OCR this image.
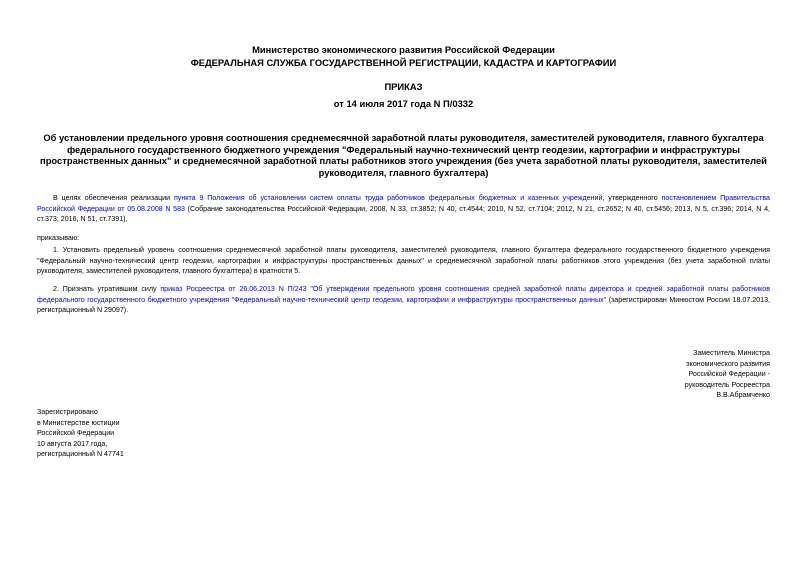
Министерство экономического развития Российской Федерации
ФЕДЕРАЛЬНАЯ СЛУЖБА ГОСУДАРСТВЕННОЙ РЕГИСТРАЦИИ, КАДАСТРА И КАРТОГРАФИИ
ПРИКАЗ
от 14 июля 2017 года N П/0332
Об установлении предельного уровня соотношения среднемесячной заработной платы руководителя, заместителей руководителя, главного бухгалтера федерального государственного бюджетного учреждения "Федеральный научно-технический центр геодезии, картографии и инфраструктуры пространственных данных" и среднемесячной заработной платы работников этого учреждения (без учета заработной платы руководителя, заместителей руководителя, главного бухгалтера)
В целях обеспечения реализации пункта 9 Положения об установлении систем оплаты труда работников федеральных бюджетных и казенных учреждений, утвержденного постановлением Правительства Российской Федерации от 05.08.2008 N 583 (Собрание законодательства Российской Федерации, 2008, N 33, ст.3852; N 40, ст.4544; 2010, N 52, ст.7104; 2012, N 21, ст.2652; N 40, ст.5456; 2013, N 5, ст.396; 2014, N 4, ст.373; 2016, N 51, ст.7391),
приказываю:
1. Установить предельный уровень соотношения среднемесячной заработной платы руководителя, заместителей руководителя, главного бухгалтера федерального государственного бюджетного учреждения "Федеральный научно-технический центр геодезии, картографии и инфраструктуры пространственных данных" и среднемесячной заработной платы работников этого учреждения (без учета заработной платы руководителя, заместителей руководителя, главного бухгалтера) в кратности 5.
2. Признать утратившим силу приказ Росреестра от 26.06.2013 N П/243 "Об утверждении предельного уровня соотношения средней заработной платы директора и средней заработной платы работников федерального государственного бюджетного учреждения "Федеральный научно-технический центр геодезии, картографии и инфраструктуры пространственных данных" (зарегистрирован Минюстом России 18.07.2013, регистрационный N 29097).
Заместитель Министра
экономического развития
Российской Федерации -
руководитель Росреестра
В.В.Абрамченко
Зарегистрировано
в Министерстве юстиции
Российской Федерации
10 августа 2017 года,
регистрационный N 47741
